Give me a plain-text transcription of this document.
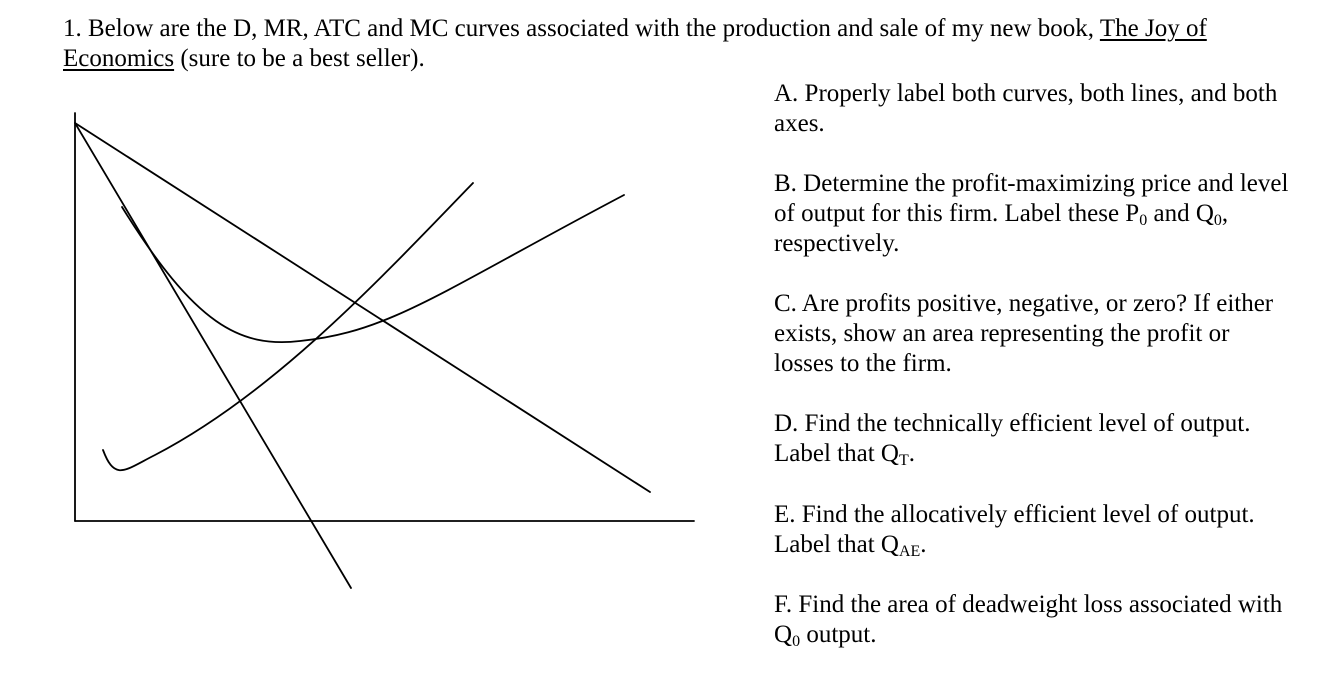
1. Below are the D, MR, ATC and MC curves associated with the production and sale of my new book, The Joy of Economics (sure to be a best seller).

A. Properly label both curves, both lines, and both axes.

B. Determine the profit-maximizing price and level of output for this firm. Label these $P_0$ and $Q_0$, respectively.

C. Are profits positive, negative, or zero? If either exists, show an area representing the profit or losses to the firm.

D. Find the technically efficient level of output. Label that $Q_T$.

E. Find the allocatively efficient level of output. Label that $Q_{AE}$.

F. Find the area of deadweight loss associated with $Q_0$ output.
